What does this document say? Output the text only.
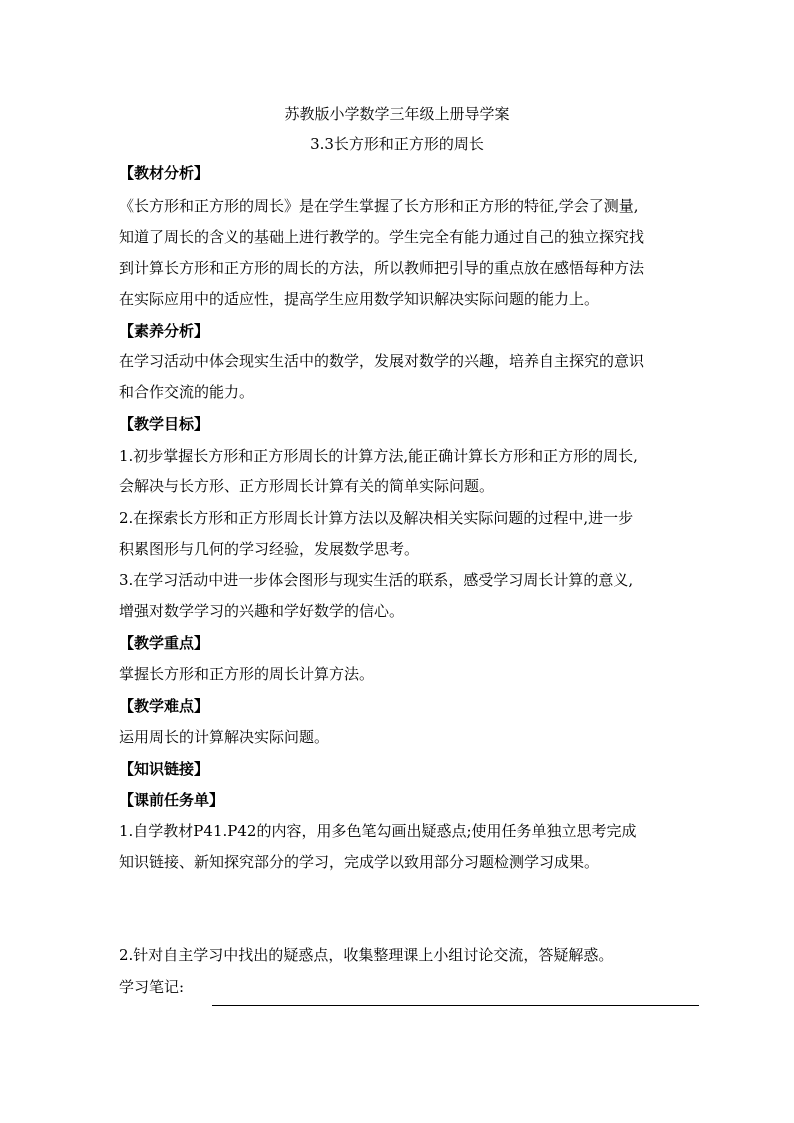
苏教版小学数学三年级上册导学案
3.3长方形和正方形的周长
【教材分析】
《长方形和正方形的周长》是在学生掌握了长方形和正方形的特征,学会了测量,
知道了周长的含义的基础上进行教学的。学生完全有能力通过自己的独立探究找
到计算长方形和正方形的周长的方法，所以教师把引导的重点放在感悟每种方法
在实际应用中的适应性，提高学生应用数学知识解决实际问题的能力上。
【素养分析】
在学习活动中体会现实生活中的数学，发展对数学的兴趣，培养自主探究的意识
和合作交流的能力。
【教学目标】
1.初步掌握长方形和正方形周长的计算方法,能正确计算长方形和正方形的周长,
会解决与长方形、正方形周长计算有关的简单实际问题。
2.在探索长方形和正方形周长计算方法以及解决相关实际问题的过程中,进一步
积累图形与几何的学习经验，发展数学思考。
3.在学习活动中进一步体会图形与现实生活的联系，感受学习周长计算的意义,
增强对数学学习的兴趣和学好数学的信心。
【教学重点】
掌握长方形和正方形的周长计算方法。
【教学难点】
运用周长的计算解决实际问题。
【知识链接】
【课前任务单】
1.自学教材P41.P42的内容，用多色笔勾画出疑惑点;使用任务单独立思考完成
知识链接、新知探究部分的学习，完成学以致用部分习题检测学习成果。
2.针对自主学习中找出的疑惑点，收集整理课上小组讨论交流，答疑解惑。
学习笔记:
